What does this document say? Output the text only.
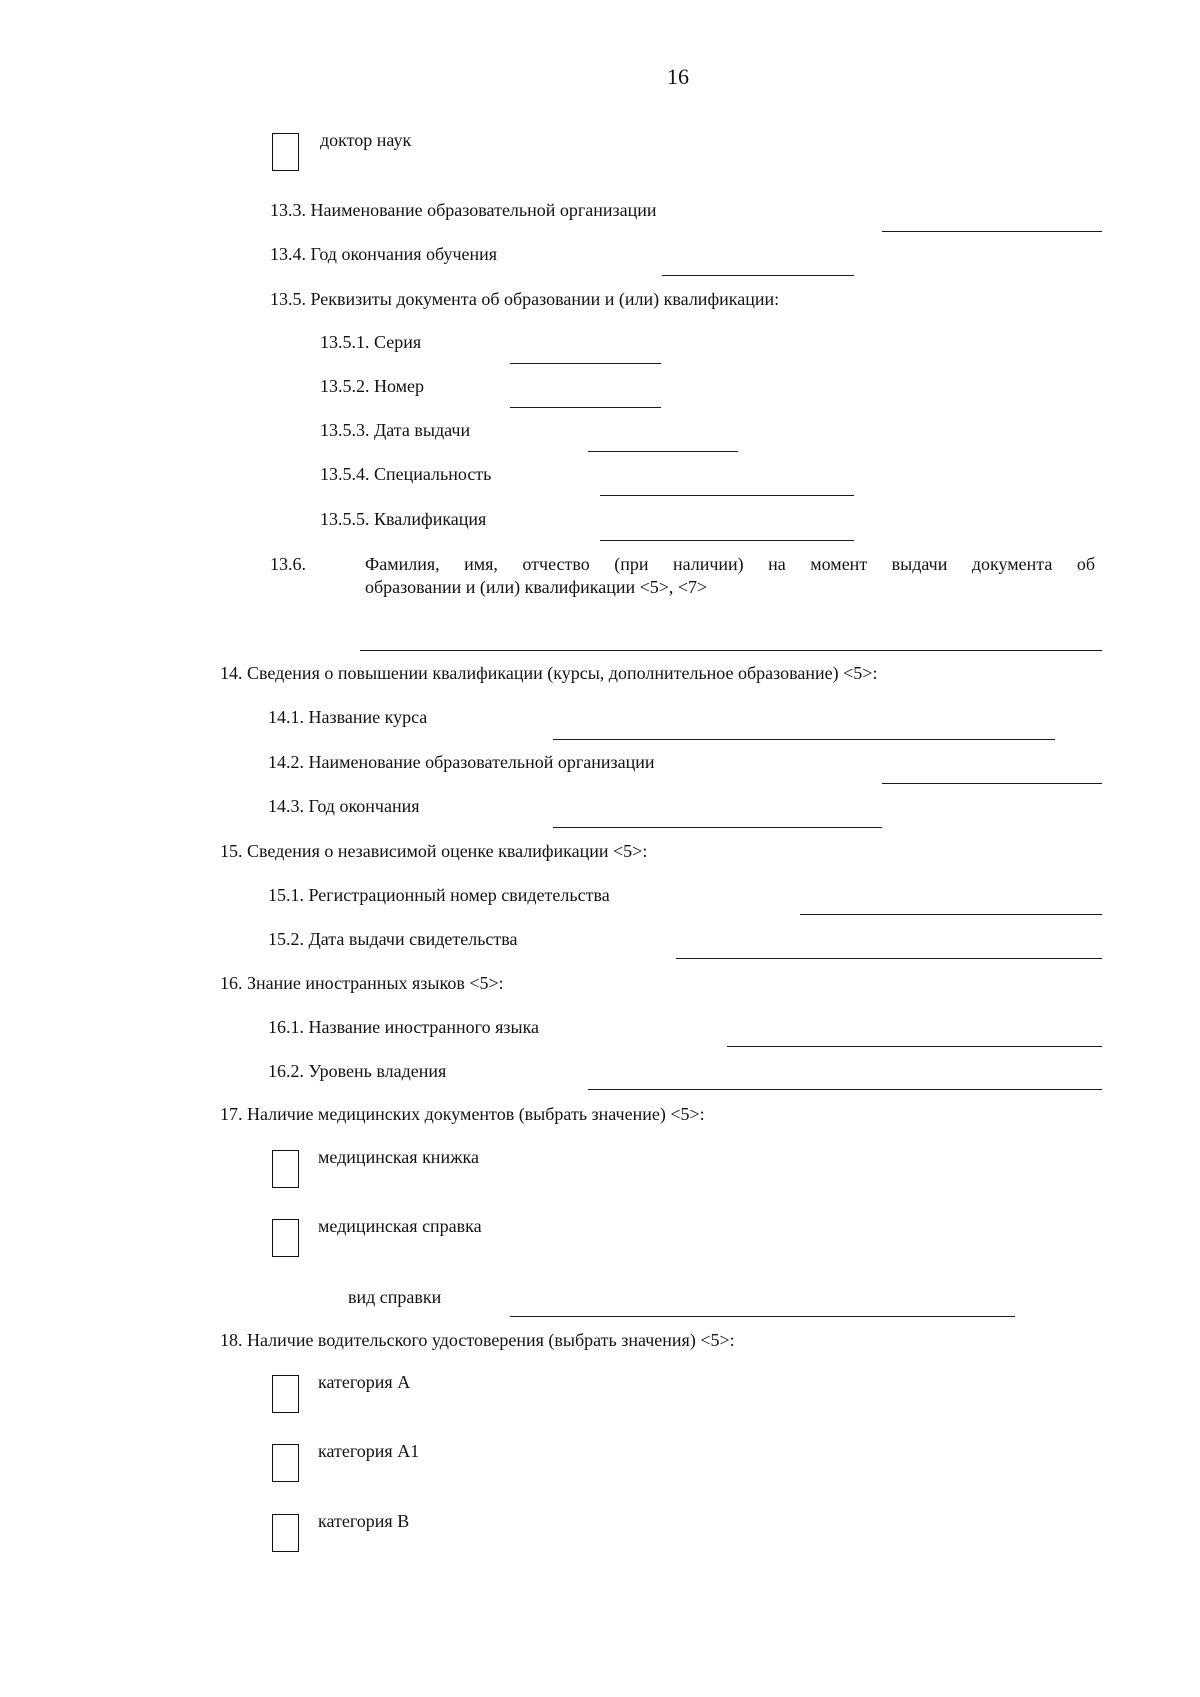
16
доктор наук
13.3. Наименование образовательной организации
13.4. Год окончания обучения
13.5. Реквизиты документа об образовании и (или) квалификации:
13.5.1. Серия
13.5.2. Номер
13.5.3. Дата выдачи
13.5.4. Специальность
13.5.5. Квалификация
13.6.	Фамилия, имя, отчество (при наличии) на момент выдачи документа об
образовании и (или) квалификации <5>, <7>
14. Сведения о повышении квалификации (курсы, дополнительное образование) <5>:
14.1. Название курса
14.2. Наименование образовательной организации
14.3. Год окончания
15. Сведения о независимой оценке квалификации <5>:
15.1. Регистрационный номер свидетельства
15.2. Дата выдачи свидетельства
16. Знание иностранных языков <5>:
16.1. Название иностранного языка
16.2. Уровень владения
17. Наличие медицинских документов (выбрать значение) <5>:
медицинская книжка
медицинская справка
вид справки
18. Наличие водительского удостоверения (выбрать значения) <5>:
категория А
категория А1
категория В
